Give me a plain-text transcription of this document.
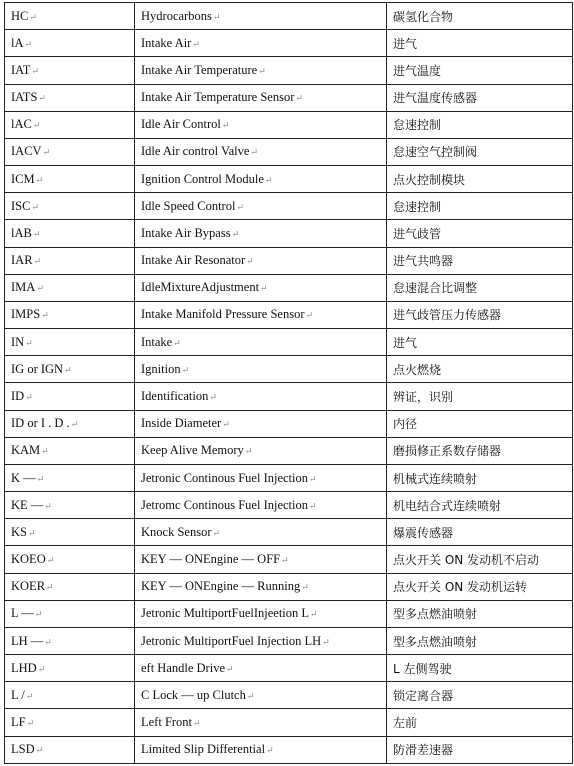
HC↵	Hydrocarbons↵	碳氢化合物
lA↵	Intake Air↵	进气
IAT↵	Intake Air Temperature↵	进气温度
IATS↵	Intake Air Temperature Sensor↵	进气温度传感器
lAC↵	Idle Air Control↵	怠速控制
IACV↵	Idle Air control Valve↵	怠速空气控制阀
ICM↵	Ignition Control Module↵	点火控制模块
ISC↵	Idle Speed Control↵	怠速控制
lAB↵	Intake Air Bypass↵	进气歧管
IAR↵	Intake Air Resonator↵	进气共鸣器
IMA↵	IdleMixtureAdjustment↵	怠速混合比调整
IMPS↵	Intake Manifold Pressure Sensor↵	进气歧管压力传感器
IN↵	Intake↵	进气
IG or IGN↵	Ignition↵	点火燃烧
ID↵	Identification↵	辨证，识别
ID or I . D .↵	Inside Diameter↵	内径
KAM↵	Keep Alive Memory↵	磨损修正系数存储器
K —↵	Jetronic Continous Fuel Injection↵	机械式连续喷射
KE —↵	Jetromc Continous Fuel Injection↵	机电结合式连续喷射
KS↵	Knock Sensor↵	爆震传感器
KOEO↵	KEY — ONEngine — OFF↵	点火开关 ON 发动机不启动
KOER↵	KEY — ONEngine — Running↵	点火开关 ON 发动机运转
L —↵	Jetronic MultiportFuelInjeetion L↵	型多点燃油喷射
LH —↵	Jetronic MultiportFuel Injection LH↵	型多点燃油喷射
LHD↵	eft Handle Drive↵	L 左侧驾驶
L /↵	C Lock — up Clutch↵	锁定离合器
LF↵	Left Front↵	左前
LSD↵	Limited Slip Differential↵	防滑差速器
